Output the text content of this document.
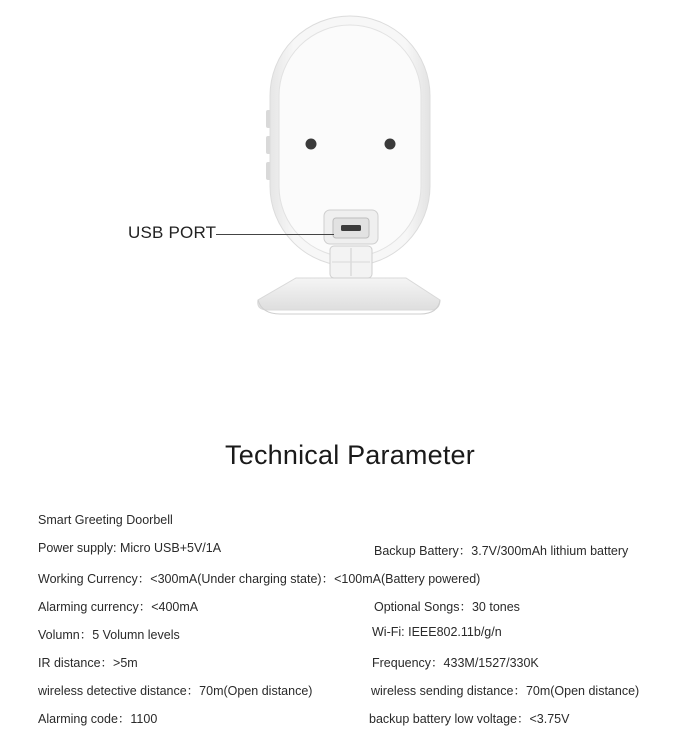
USB PORT
Technical Parameter
Smart Greeting Doorbell
Power supply: Micro USB+5V/1A	Backup Battery：3.7V/300mAh lithium battery
Working Currency：<300mA(Under charging state)：<100mA(Battery powered)
Alarming currency：<400mA	Optional Songs：30 tones
Volumn：5 Volumn levels	Wi-Fi: IEEE802.11b/g/n
IR distance：>5m	Frequency：433M/1527/330K
wireless detective distance：70m(Open distance)	wireless sending distance：70m(Open distance)
Alarming code：1100	backup battery low voltage：<3.75V
